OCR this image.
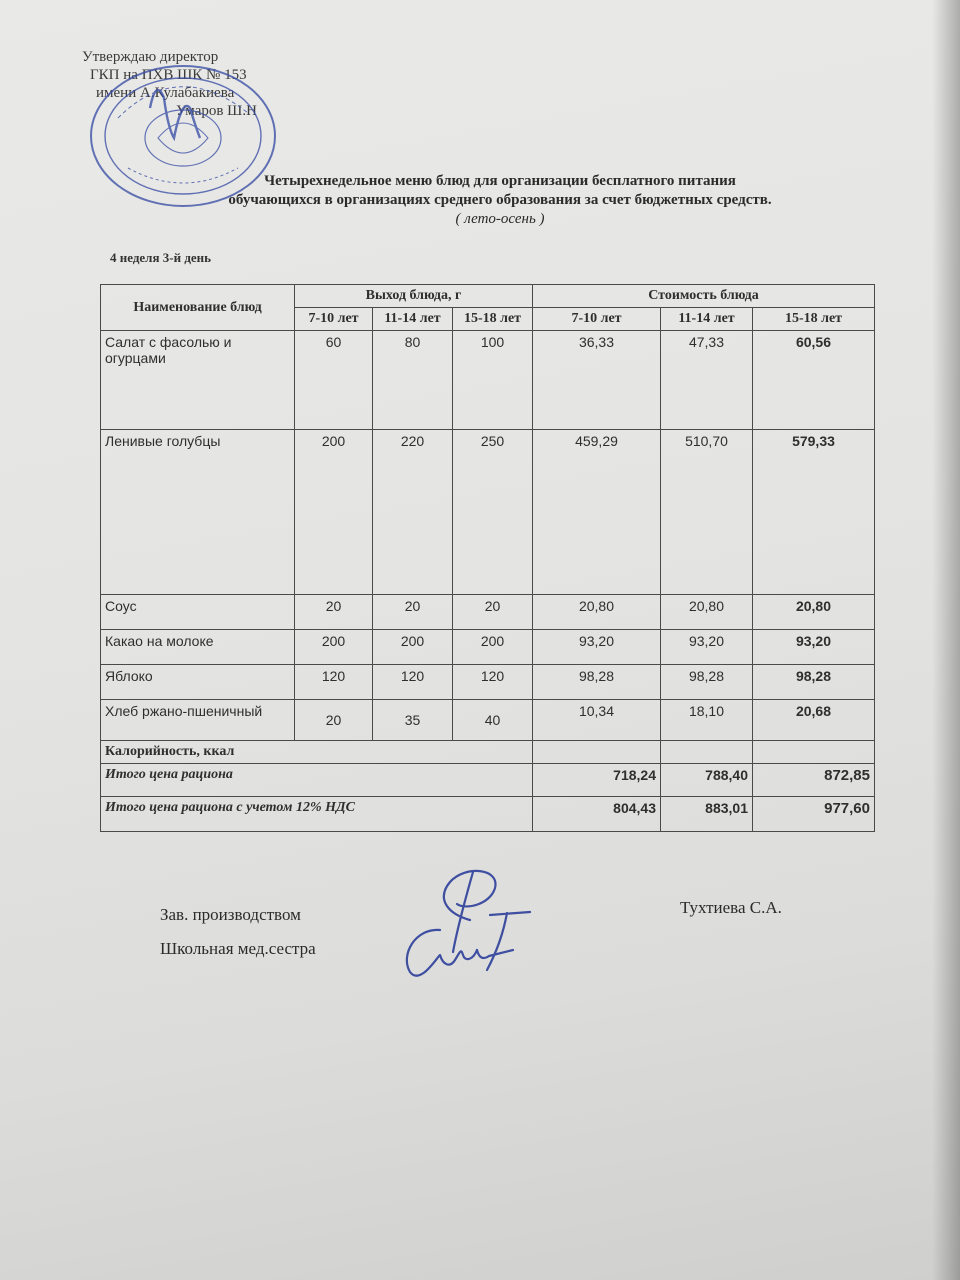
Утверждаю директор
ГКП на ПХВ ШК № 153
имени А.Кулабакиева
Умаров Ш.Н
Четырехнедельное меню блюд для организации бесплатного питания
обучающихся в организациях среднего образования за счет бюджетных средств.
( лето-осень )
4 неделя 3-й день
Наименование блюд	Выход блюда, г			Стоимость блюда		
	7-10 лет	11-14 лет	15-18 лет	7-10 лет	11-14 лет	15-18 лет
Салат с фасолью и огурцами	60	80	100	36,33	47,33	60,56
Ленивые голубцы	200	220	250	459,29	510,70	579,33
Соус	20	20	20	20,80	20,80	20,80
Какао на молоке	200	200	200	93,20	93,20	93,20
Яблоко	120	120	120	98,28	98,28	98,28
Хлеб ржано-пшеничный	20	35	40	10,34	18,10	20,68
Калорийность, ккал						
Итого цена рациона				718,24	788,40	872,85
Итого цена рациона с учетом 12% НДС				804,43	883,01	977,60
Зав. производством
Школьная мед.сестра
Тухтиева С.А.
